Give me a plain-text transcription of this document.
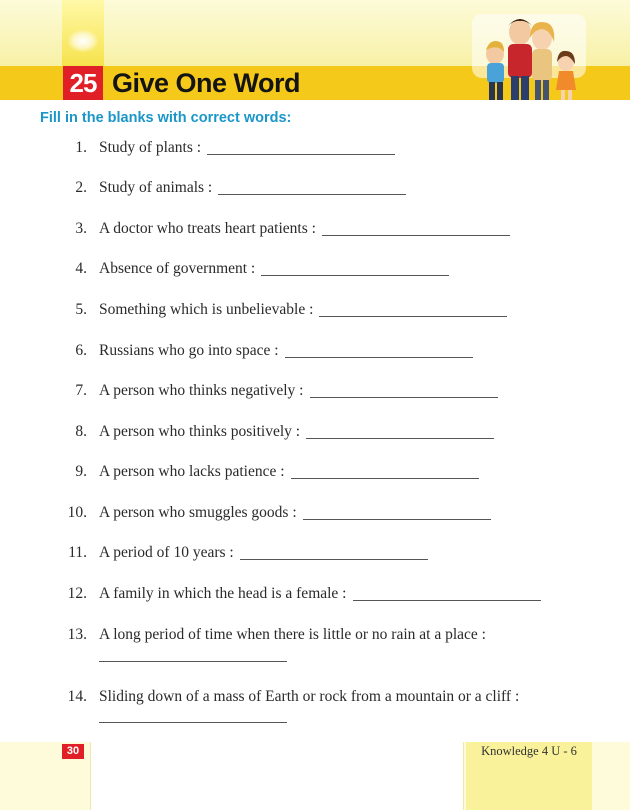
25 Give One Word

Fill in the blanks with correct words:

1. Study of plants :
2. Study of animals :
3. A doctor who treats heart patients :
4. Absence of government :
5. Something which is unbelievable :
6. Russians who go into space :
7. A person who thinks negatively :
8. A person who thinks positively :
9. A person who lacks patience :
10. A person who smuggles goods :
11. A period of 10 years :
12. A family in which the head is a female :
13. A long period of time when there is little or no rain at a place :
14. Sliding down of a mass of Earth or rock from a mountain or a cliff :
30	Knowledge 4 U - 6
